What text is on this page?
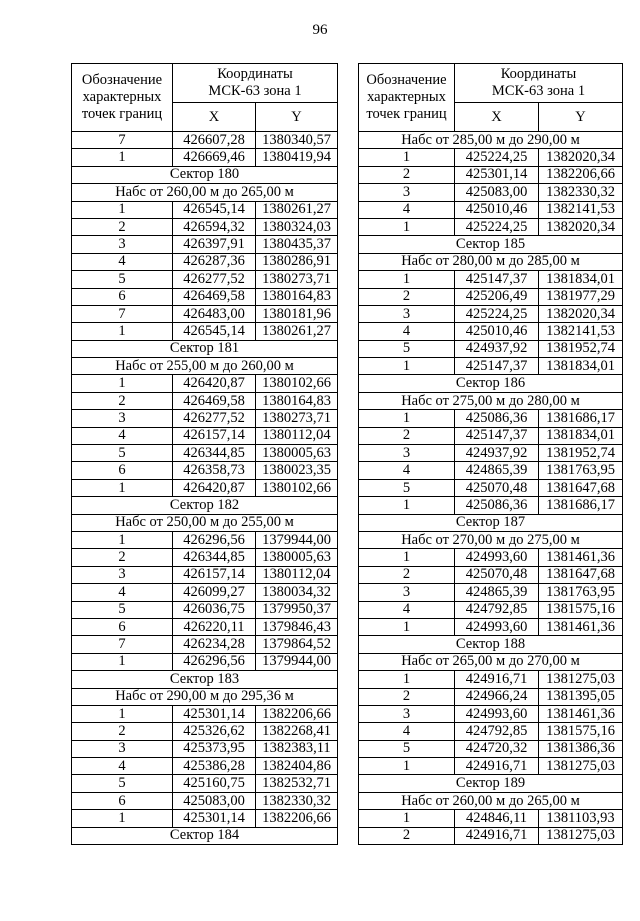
96
Обозначение
характерных
точек границ	Координаты
МСК-63 зона 1	
	X	Y
7	426607,28	1380340,57
1	426669,46	1380419,94
Сектор 180		
Набс от 260,00 м до 265,00 м		
1	426545,14	1380261,27
2	426594,32	1380324,03
3	426397,91	1380435,37
4	426287,36	1380286,91
5	426277,52	1380273,71
6	426469,58	1380164,83
7	426483,00	1380181,96
1	426545,14	1380261,27
Сектор 181		
Набс от 255,00 м до 260,00 м		
1	426420,87	1380102,66
2	426469,58	1380164,83
3	426277,52	1380273,71
4	426157,14	1380112,04
5	426344,85	1380005,63
6	426358,73	1380023,35
1	426420,87	1380102,66
Сектор 182		
Набс от 250,00 м до 255,00 м		
1	426296,56	1379944,00
2	426344,85	1380005,63
3	426157,14	1380112,04
4	426099,27	1380034,32
5	426036,75	1379950,37
6	426220,11	1379846,43
7	426234,28	1379864,52
1	426296,56	1379944,00
Сектор 183		
Набс от 290,00 м до 295,36 м		
1	425301,14	1382206,66
2	425326,62	1382268,41
3	425373,95	1382383,11
4	425386,28	1382404,86
5	425160,75	1382532,71
6	425083,00	1382330,32
1	425301,14	1382206,66
Сектор 184		
Обозначение
характерных
точек границ	Координаты
МСК-63 зона 1	
	X	Y
Набс от 285,00 м до 290,00 м		
1	425224,25	1382020,34
2	425301,14	1382206,66
3	425083,00	1382330,32
4	425010,46	1382141,53
1	425224,25	1382020,34
Сектор 185		
Набс от 280,00 м до 285,00 м		
1	425147,37	1381834,01
2	425206,49	1381977,29
3	425224,25	1382020,34
4	425010,46	1382141,53
5	424937,92	1381952,74
1	425147,37	1381834,01
Сектор 186		
Набс от 275,00 м до 280,00 м		
1	425086,36	1381686,17
2	425147,37	1381834,01
3	424937,92	1381952,74
4	424865,39	1381763,95
5	425070,48	1381647,68
1	425086,36	1381686,17
Сектор 187		
Набс от 270,00 м до 275,00 м		
1	424993,60	1381461,36
2	425070,48	1381647,68
3	424865,39	1381763,95
4	424792,85	1381575,16
1	424993,60	1381461,36
Сектор 188		
Набс от 265,00 м до 270,00 м		
1	424916,71	1381275,03
2	424966,24	1381395,05
3	424993,60	1381461,36
4	424792,85	1381575,16
5	424720,32	1381386,36
1	424916,71	1381275,03
Сектор 189		
Набс от 260,00 м до 265,00 м		
1	424846,11	1381103,93
2	424916,71	1381275,03
